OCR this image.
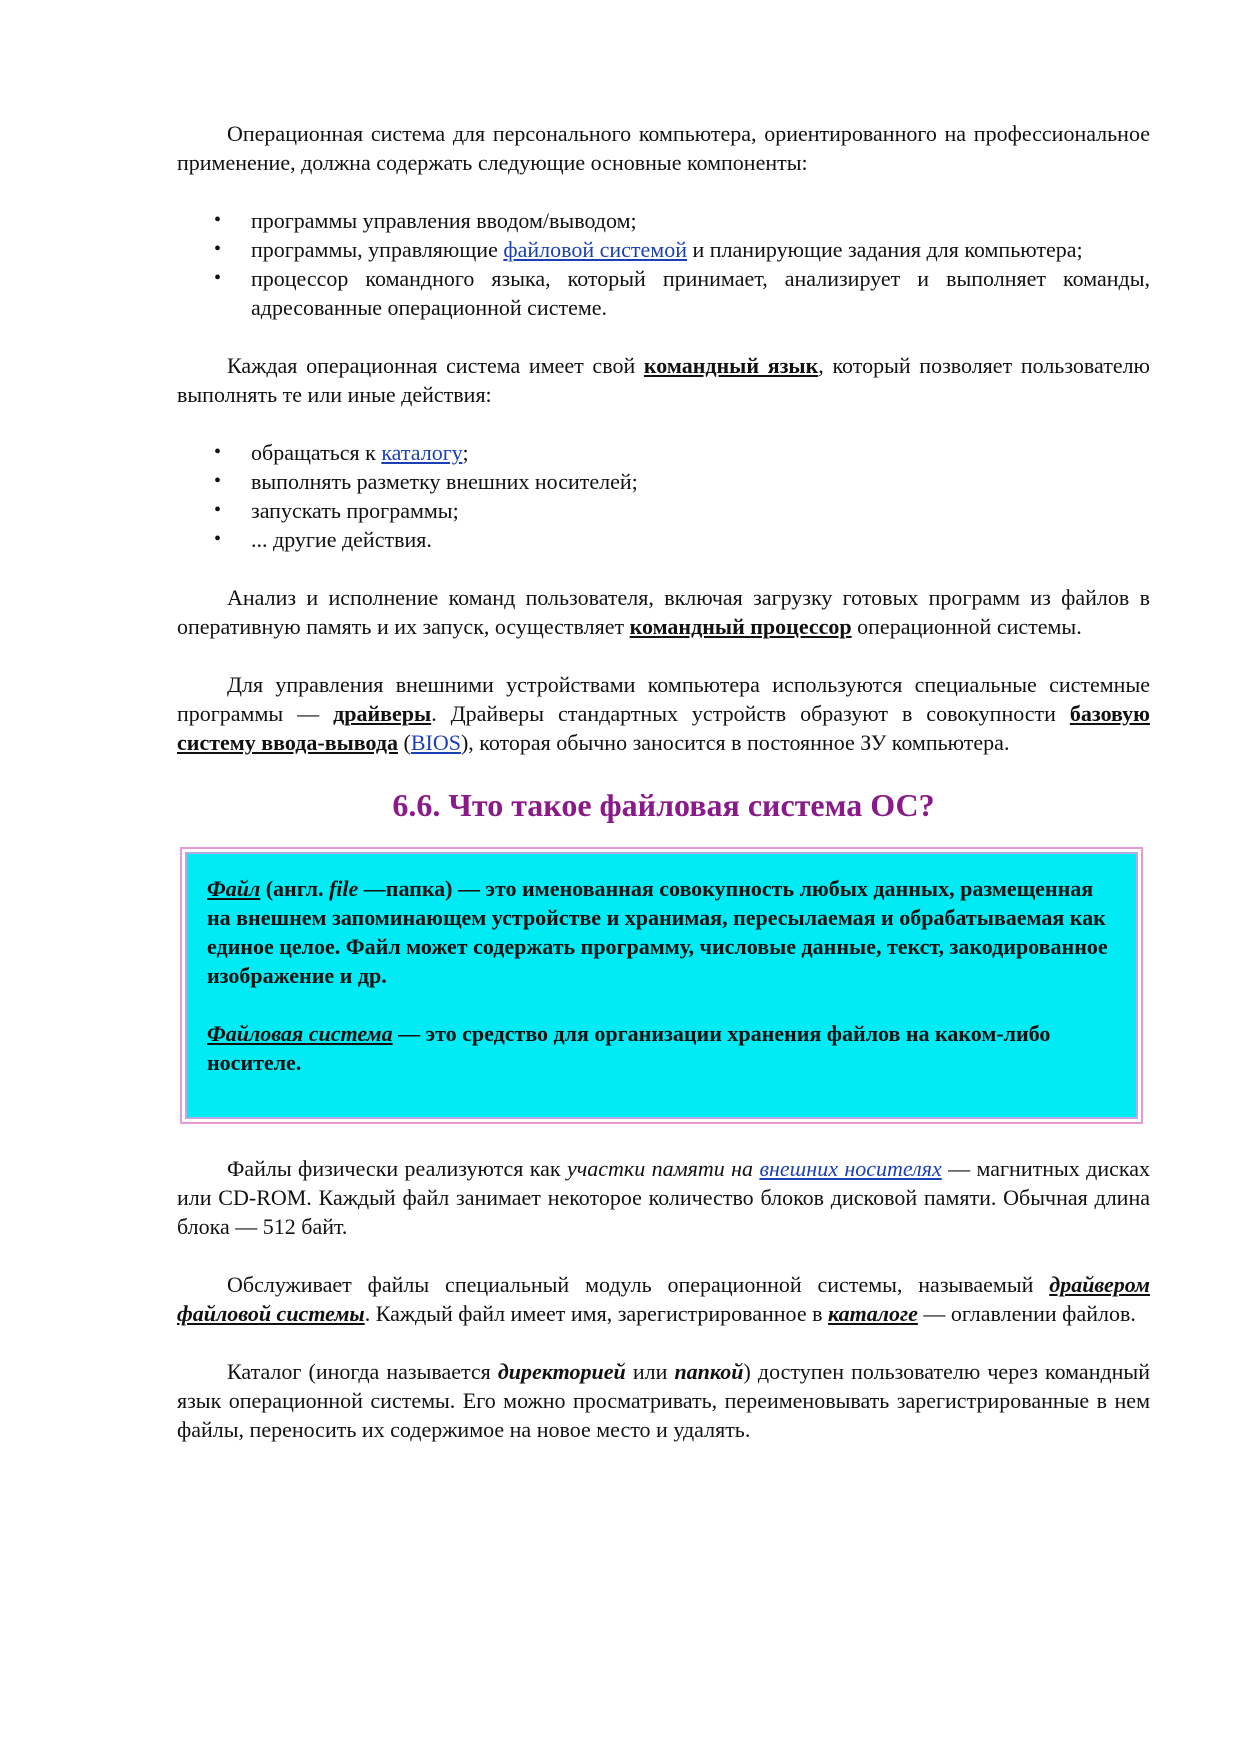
Операционная система для персонального компьютера, ориентированного на профессиональное применение, должна содержать следующие основные компоненты:

• программы управления вводом/выводом;
• программы, управляющие файловой системой и планирующие задания для компьютера;
• процессор командного языка, который принимает, анализирует и выполняет команды, адресованные операционной системе.

Каждая операционная система имеет свой командный язык, который позволяет пользователю выполнять те или иные действия:

• обращаться к каталогу;
• выполнять разметку внешних носителей;
• запускать программы;
• ... другие действия.

Анализ и исполнение команд пользователя, включая загрузку готовых программ из файлов в оперативную память и их запуск, осуществляет командный процессор операционной системы.

Для управления внешними устройствами компьютера используются специальные системные программы — драйверы. Драйверы стандартных устройств образуют в совокупности базовую систему ввода-вывода (BIOS), которая обычно заносится в постоянное ЗУ компьютера.

6.6. Что такое файловая система ОС?

Файл (англ. file —папка) — это именованная совокупность любых данных, размещенная на внешнем запоминающем устройстве и хранимая, пересылаемая и обрабатываемая как единое целое. Файл может содержать программу, числовые данные, текст, закодированное изображение и др.

Файловая система — это средство для организации хранения файлов на каком-либо носителе.

Файлы физически реализуются как участки памяти на внешних носителях — магнитных дисках или CD-ROM. Каждый файл занимает некоторое количество блоков дисковой памяти. Обычная длина блока — 512 байт.

Обслуживает файлы специальный модуль операционной системы, называемый драйвером файловой системы. Каждый файл имеет имя, зарегистрированное в каталоге — оглавлении файлов.

Каталог (иногда называется директорией или папкой) доступен пользователю через командный язык операционной системы. Его можно просматривать, переименовывать зарегистрированные в нем файлы, переносить их содержимое на новое место и удалять.
